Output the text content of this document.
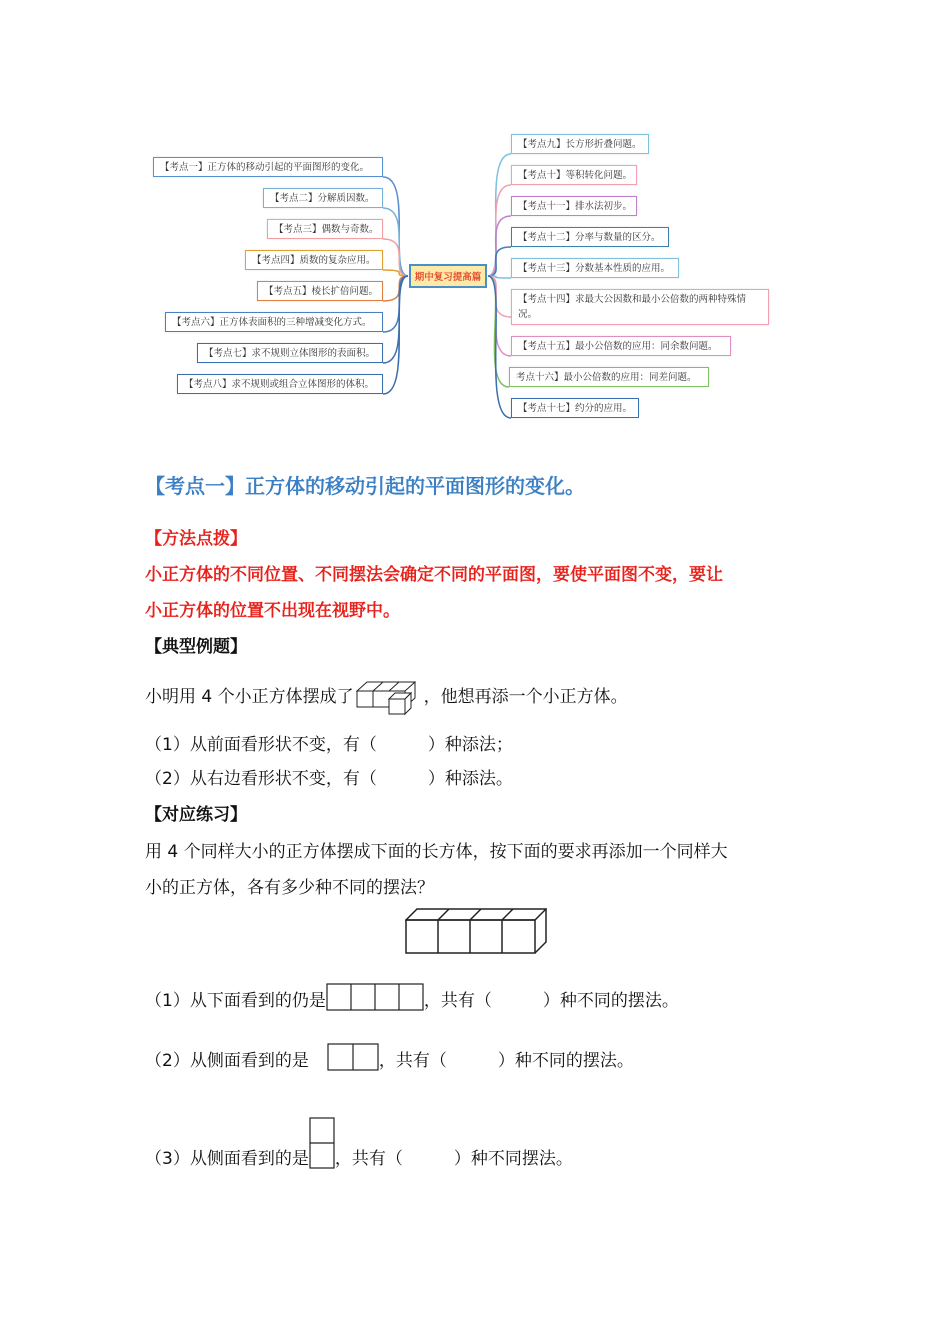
【考点一】正方体的移动引起的平面图形的变化。
【考点二】分解质因数。
【考点三】偶数与奇数。
【考点四】质数的复杂应用。
【考点五】棱长扩倍问题。
【考点六】正方体表面积的三种增减变化方式。
【考点七】求不规则立体图形的表面积。
【考点八】求不规则或组合立体图形的体积。
【考点九】长方形折叠问题。
【考点十】等积转化问题。
【考点十一】排水法初步。
【考点十二】分率与数量的区分。
【考点十三】分数基本性质的应用。
【考点十四】求最大公因数和最小公倍数的两种特殊情况。
【考点十五】最小公倍数的应用：同余数问题。
考点十六】最小公倍数的应用：同差问题。
【考点十七】约分的应用。
期中复习提高篇
【考点一】正方体的移动引起的平面图形的变化。
【方法点拨】
小正方体的不同位置、不同摆法会确定不同的平面图，要使平面图不变，要让
小正方体的位置不出现在视野中。
【典型例题】
小明用 4 个小正方体摆成了	，他想再添一个小正方体。
（1）从前面看形状不变，有（　　　）种添法；
（2）从右边看形状不变，有（　　　）种添法。
【对应练习】
用 4 个同样大小的正方体摆成下面的长方体，按下面的要求再添加一个同样大
小的正方体，各有多少种不同的摆法？
（1）从下面看到的仍是	，共有（　　　）种不同的摆法。
（2）从侧面看到的是	，共有（　　　）种不同的摆法。
（3）从侧面看到的是 ，共有（　　　）种不同摆法。
